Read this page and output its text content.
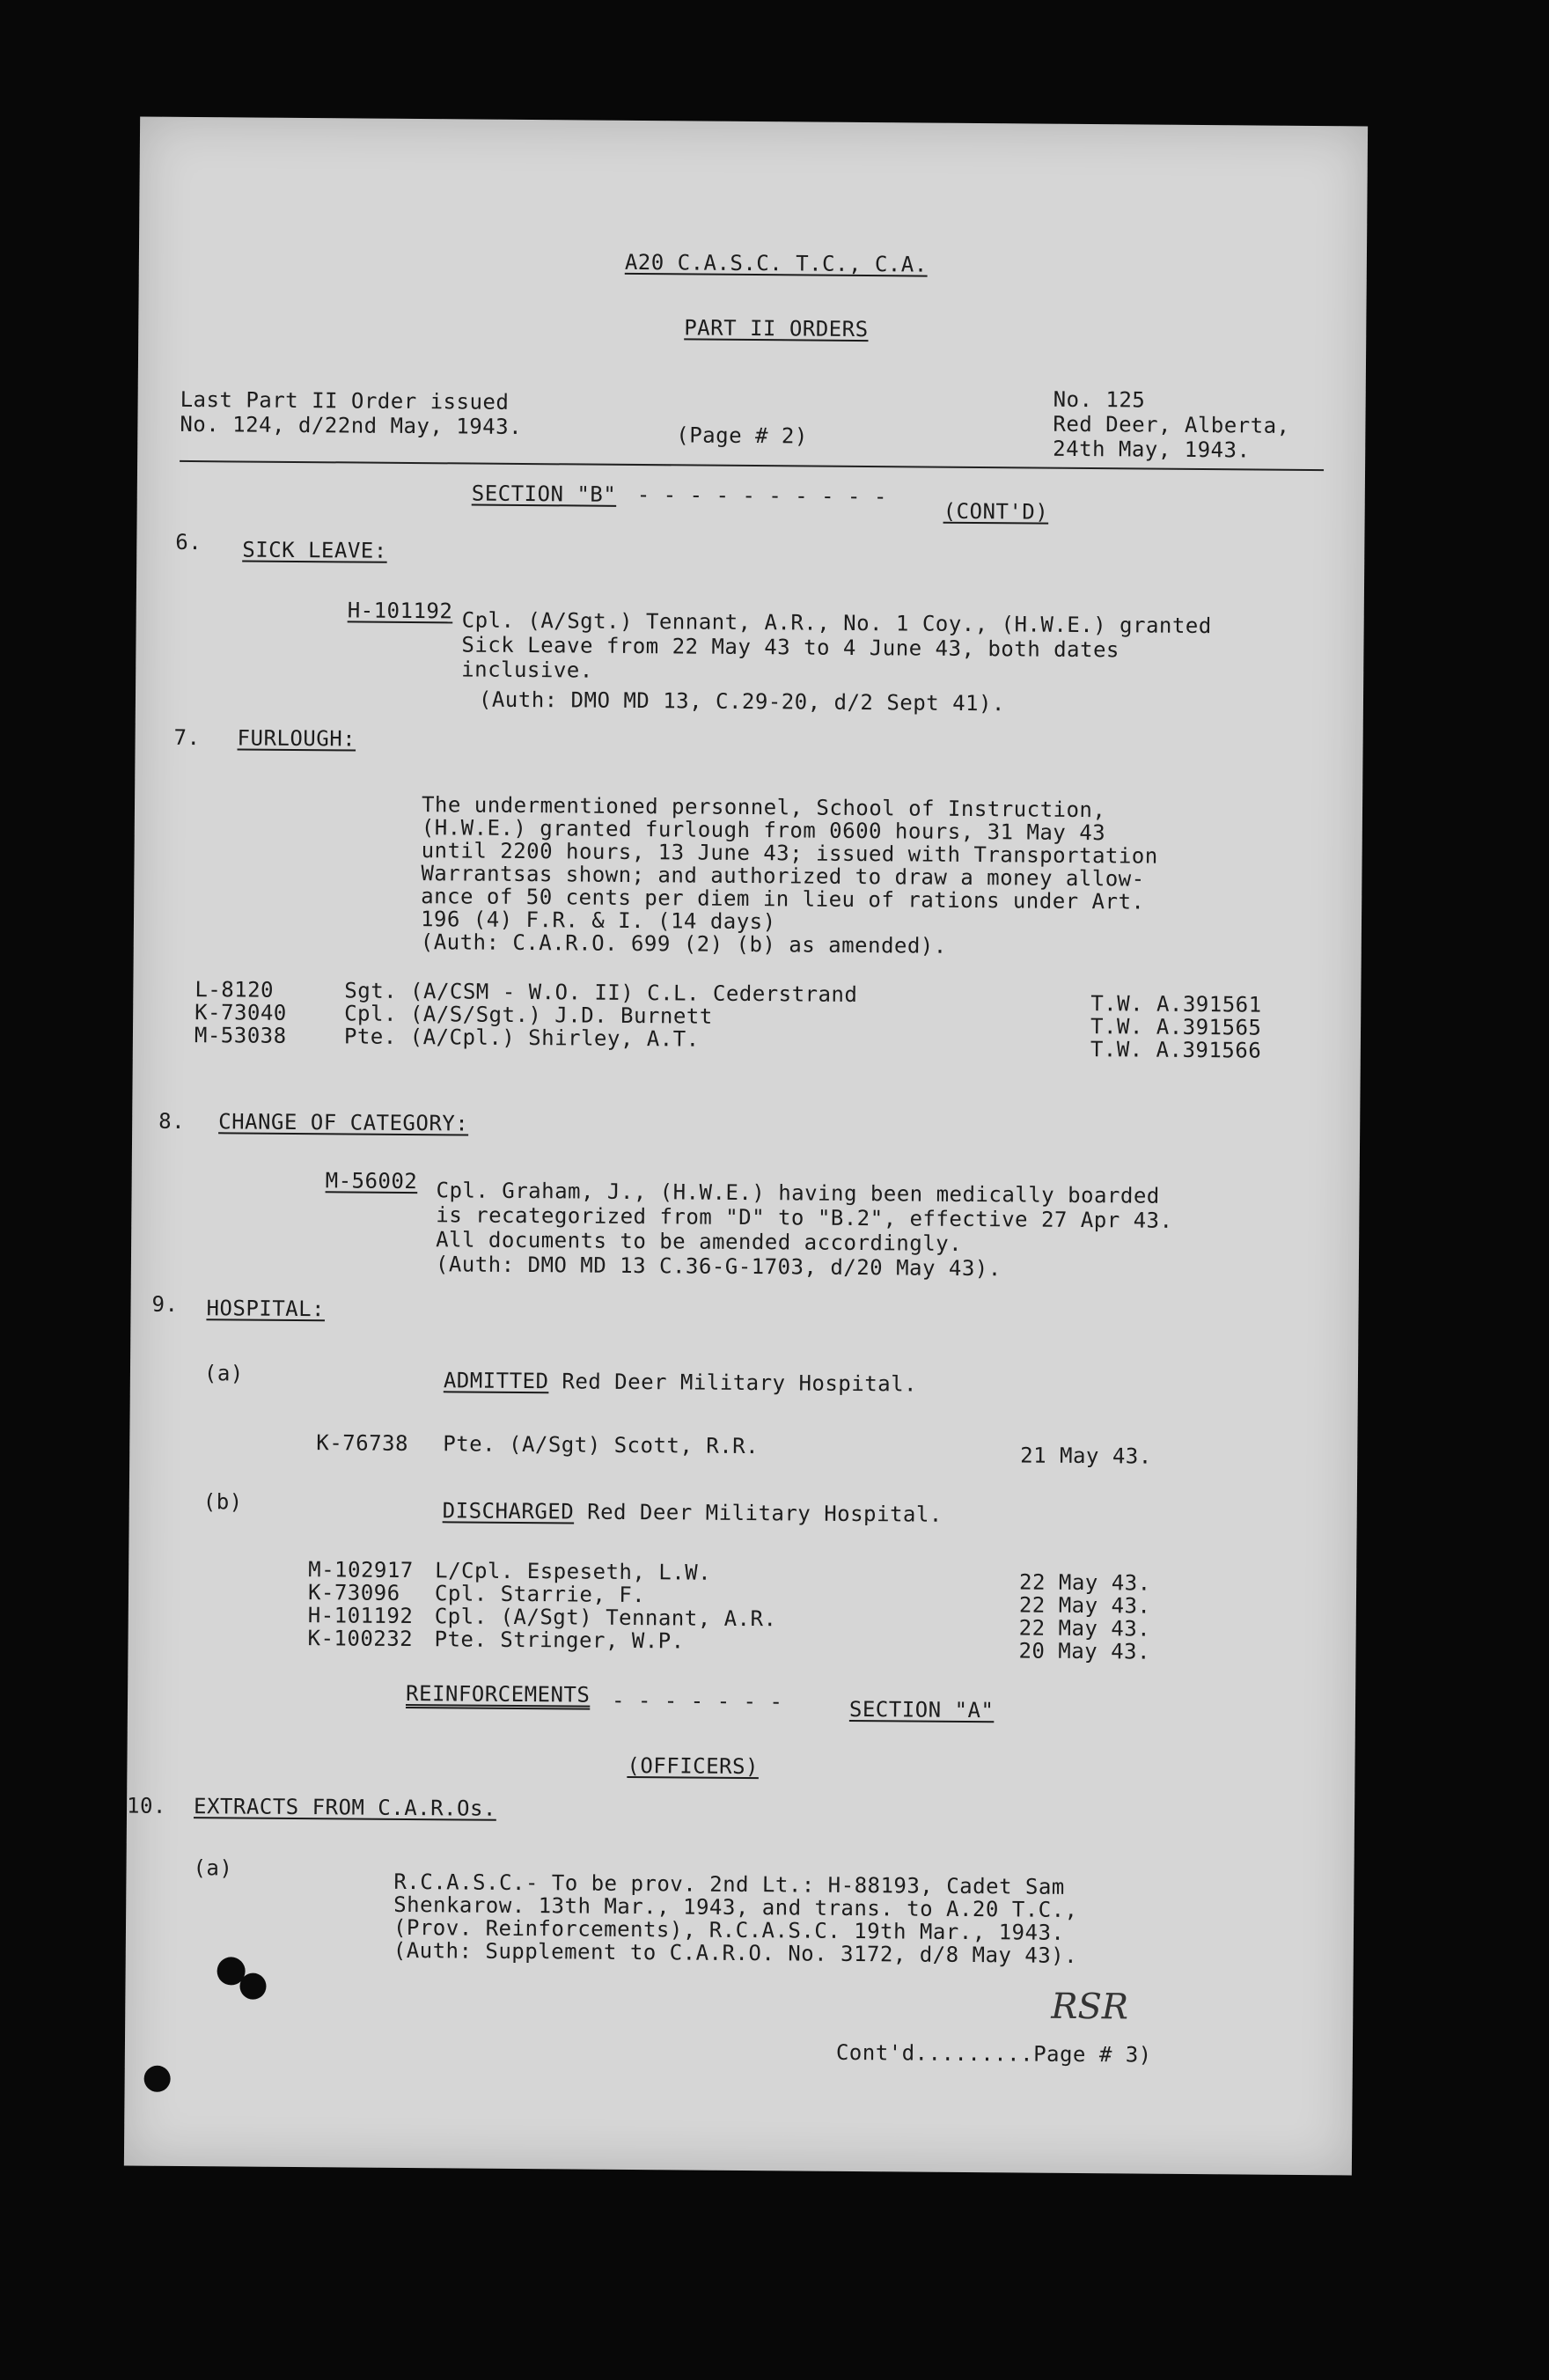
A20 C.A.S.C. T.C., C.A.
PART II ORDERS
Last Part II Order issued
No. 124, d/22nd May, 1943.	(Page # 2)
No. 125
Red Deer, Alberta,
24th May, 1943.
SECTION "B" - - - - - - - - - -
(CONT'D)
6. SICK LEAVE:
H-101192 Cpl. (A/Sgt.) Tennant, A.R., No. 1 Coy., (H.W.E.) granted
Sick Leave from 22 May 43 to 4 June 43, both dates
inclusive.
(Auth: DMO MD 13, C.29-20, d/2 Sept 41).
7. FURLOUGH:
The undermentioned personnel, School of Instruction,
(H.W.E.) granted furlough from 0600 hours, 31 May 43
until 2200 hours, 13 June 43; issued with Transportation
Warrantsas shown; and authorized to draw a money allow-
ance of 50 cents per diem in lieu of rations under Art.
196 (4) F.R. & I. (14 days)
(Auth: C.A.R.O. 699 (2) (b) as amended).
L-8120	Sgt. (A/CSM - W.O. II) C.L. Cederstrand	T.W. A.391561
K-73040	Cpl. (A/S/Sgt.) J.D. Burnett	T.W. A.391565
M-53038	Pte. (A/Cpl.) Shirley, A.T.	T.W. A.391566
8. CHANGE OF CATEGORY:
M-56002 Cpl. Graham, J., (H.W.E.) having been medically boarded
is recategorized from "D" to "B.2", effective 27 Apr 43.
All documents to be amended accordingly.
(Auth: DMO MD 13 C.36-G-1703, d/20 May 43).
9. HOSPITAL:
(a)	ADMITTED Red Deer Military Hospital.
K-76738 Pte. (A/Sgt) Scott, R.R.	21 May 43.
(b)	DISCHARGED Red Deer Military Hospital.
M-102917 L/Cpl. Espeseth, L.W.	22 May 43.
K-73096 Cpl. Starrie, F.	22 May 43.
H-101192 Cpl. (A/Sgt) Tennant, A.R.	22 May 43.
K-100232 Pte. Stringer, W.P.	20 May 43.
REINFORCEMENTS - - - - - - -	SECTION "A"
(OFFICERS)
10. EXTRACTS FROM C.A.R.Os.
(a)
R.C.A.S.C.- To be prov. 2nd Lt.: H-88193, Cadet Sam
Shenkarow. 13th Mar., 1943, and trans. to A.20 T.C.,
(Prov. Reinforcements), R.C.A.S.C. 19th Mar., 1943.
(Auth: Supplement to C.A.R.O. No. 3172, d/8 May 43).
RSR
Cont'd.........Page # 3)
